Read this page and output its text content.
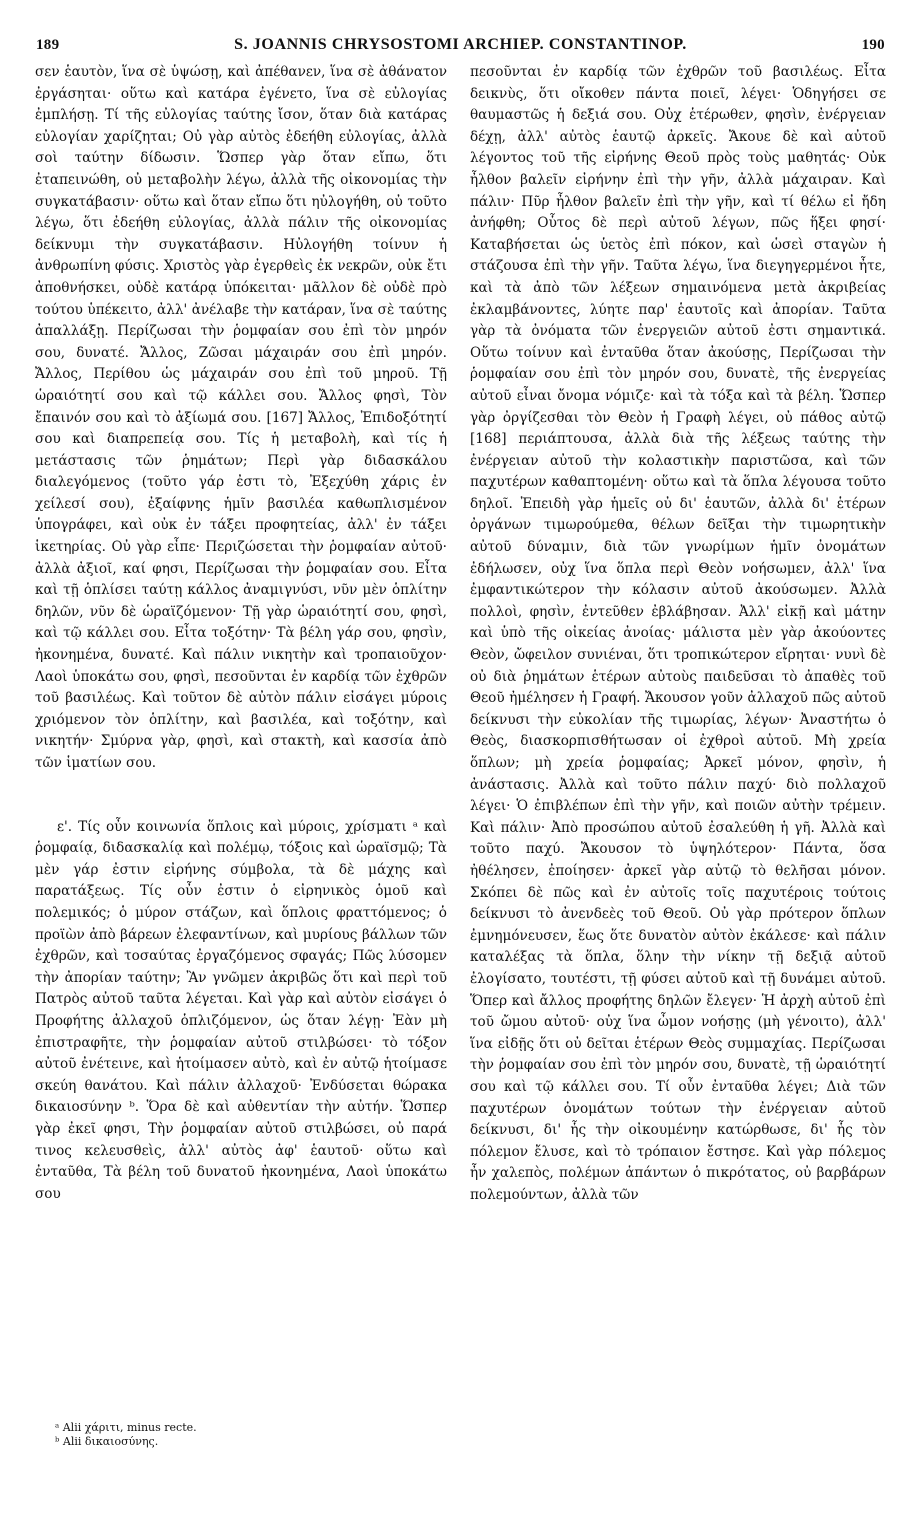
189	S. JOANNIS CHRYSOSTOMI ARCHIEP. CONSTANTINOP.	190

σεν ἑαυτὸν, ἵνα σὲ ὑψώσῃ, καὶ ἀπέθανεν, ἵνα σὲ ἀθάνατον ἐργάσηται· οὕτω καὶ κατάρα ἐγένετο, ἵνα σὲ εὐλογίας ἐμπλήσῃ. Τί τῆς εὐλογίας ταύτης ἴσον, ὅταν διὰ κατάρας εὐλογίαν χαρίζηται; Οὐ γὰρ αὐτὸς ἐδεήθη εὐλογίας, ἀλλὰ σοὶ ταύτην δίδωσιν. Ὥσπερ γὰρ ὅταν εἴπω, ὅτι ἐταπεινώθη, οὐ μεταβολὴν λέγω, ἀλλὰ τῆς οἰκονομίας τὴν συγκατάβασιν· οὕτω καὶ ὅταν εἴπω ὅτι ηὐλογήθη, οὐ τοῦτο λέγω, ὅτι ἐδεήθη εὐλογίας, ἀλλὰ πάλιν τῆς οἰκονομίας δείκνυμι τὴν συγκατάβασιν. Ηὐλογήθη τοίνυν ἡ ἀνθρωπίνη φύσις. Χριστὸς γὰρ ἐγερθεὶς ἐκ νεκρῶν, οὐκ ἔτι ἀποθνήσκει, οὐδὲ κατάρᾳ ὑπόκειται· μᾶλλον δὲ οὐδὲ πρὸ τούτου ὑπέκειτο, ἀλλ' ἀνέλαβε τὴν κατάραν, ἵνα σὲ ταύτης ἀπαλλάξῃ. Περίζωσαι τὴν ῥομφαίαν σου ἐπὶ τὸν μηρόν σου, δυνατέ. Ἄλλος, Ζῶσαι μάχαιράν σου ἐπὶ μηρόν. Ἄλλος, Περίθου ὡς μάχαιράν σου ἐπὶ τοῦ μηροῦ. Τῇ ὡραιότητί σου καὶ τῷ κάλλει σου. Ἄλλος φησὶ, Τὸν ἔπαινόν σου καὶ τὸ ἀξίωμά σου. [167] Ἄλλος, Ἐπιδοξότητί σου καὶ διαπρεπείᾳ σου. Τίς ἡ μεταβολὴ, καὶ τίς ἡ μετάστασις τῶν ῥημάτων; Περὶ γὰρ διδασκάλου διαλεγόμενος (τοῦτο γάρ ἐστι τὸ, Ἐξεχύθη χάρις ἐν χείλεσί σου), ἐξαίφνης ἡμῖν βασιλέα καθωπλισμένον ὑπογράφει, καὶ οὐκ ἐν τάξει προφητείας, ἀλλ' ἐν τάξει ἱκετηρίας. Οὐ γὰρ εἶπε· Περιζώσεται τὴν ῥομφαίαν αὐτοῦ· ἀλλὰ ἀξιοῖ, καί φησι, Περίζωσαι τὴν ῥομφαίαν σου. Εἶτα καὶ τῇ ὁπλίσει ταύτῃ κάλλος ἀναμιγνύσι, νῦν μὲν ὁπλίτην δηλῶν, νῦν δὲ ὡραϊζόμενον· Τῇ γὰρ ὡραιότητί σου, φησὶ, καὶ τῷ κάλλει σου. Εἶτα τοξότην· Τὰ βέλη γάρ σου, φησὶν, ἠκονημένα, δυνατέ. Καὶ πάλιν νικητὴν καὶ τροπαιοῦχον· Λαοὶ ὑποκάτω σου, φησὶ, πεσοῦνται ἐν καρδίᾳ τῶν ἐχθρῶν τοῦ βασιλέως. Καὶ τοῦτον δὲ αὐτὸν πάλιν εἰσάγει μύροις χριόμενον τὸν ὁπλίτην, καὶ βασιλέα, καὶ τοξότην, καὶ νικητήν· Σμύρνα γὰρ, φησὶ, καὶ στακτὴ, καὶ κασσία ἀπὸ τῶν ἱματίων σου.

ε'. Τίς οὖν κοινωνία ὅπλοις καὶ μύροις, χρίσματι ᵃ καὶ ῥομφαίᾳ, διδασκαλίᾳ καὶ πολέμῳ, τόξοις καὶ ὡραϊσμῷ; Τὰ μὲν γάρ ἐστιν εἰρήνης σύμβολα, τὰ δὲ μάχης καὶ παρατάξεως. Τίς οὖν ἐστιν ὁ εἰρηνικὸς ὁμοῦ καὶ πολεμικός; ὁ μύρον στάζων, καὶ ὅπλοις φραττόμενος; ὁ προϊὼν ἀπὸ βάρεων ἐλεφαντίνων, καὶ μυρίους βάλλων τῶν ἐχθρῶν, καὶ τοσαύτας ἐργαζόμενος σφαγάς; Πῶς λύσομεν τὴν ἀπορίαν ταύτην; Ἂν γνῶμεν ἀκριβῶς ὅτι καὶ περὶ τοῦ Πατρὸς αὐτοῦ ταῦτα λέγεται. Καὶ γὰρ καὶ αὐτὸν εἰσάγει ὁ Προφήτης ἀλλαχοῦ ὁπλιζόμενον, ὡς ὅταν λέγῃ· Ἐὰν μὴ ἐπιστραφῆτε, τὴν ῥομφαίαν αὐτοῦ στιλβώσει· τὸ τόξον αὐτοῦ ἐνέτεινε, καὶ ἡτοίμασεν αὐτὸ, καὶ ἐν αὐτῷ ἡτοίμασε σκεύη θανάτου. Καὶ πάλιν ἀλλαχοῦ· Ἐνδύσεται θώρακα δικαιοσύνην ᵇ. Ὅρα δὲ καὶ αὐθεντίαν τὴν αὐτήν. Ὥσπερ γὰρ ἐκεῖ φησι, Τὴν ῥομφαίαν αὐτοῦ στιλβώσει, οὐ παρά τινος κελευσθεὶς, ἀλλ' αὐτὸς ἀφ' ἑαυτοῦ· οὕτω καὶ ἐνταῦθα, Τὰ βέλη τοῦ δυνατοῦ ἠκονημένα, Λαοὶ ὑποκάτω σου

πεσοῦνται ἐν καρδίᾳ τῶν ἐχθρῶν τοῦ βασιλέως. Εἶτα δεικνὺς, ὅτι οἴκοθεν πάντα ποιεῖ, λέγει· Ὁδηγήσει σε θαυμαστῶς ἡ δεξιά σου. Οὐχ ἑτέρωθεν, φησὶν, ἐνέργειαν δέχῃ, ἀλλ' αὐτὸς ἑαυτῷ ἀρκεῖς. Ἄκουε δὲ καὶ αὐτοῦ λέγοντος τοῦ τῆς εἰρήνης Θεοῦ πρὸς τοὺς μαθητάς· Οὐκ ἦλθον βαλεῖν εἰρήνην ἐπὶ τὴν γῆν, ἀλλὰ μάχαιραν. Καὶ πάλιν· Πῦρ ἦλθον βαλεῖν ἐπὶ τὴν γῆν, καὶ τί θέλω εἰ ἤδη ἀνήφθη; Οὗτος δὲ περὶ αὐτοῦ λέγων, πῶς ἥξει φησί· Καταβήσεται ὡς ὑετὸς ἐπὶ πόκον, καὶ ὡσεὶ σταγὼν ἡ στάζουσα ἐπὶ τὴν γῆν. Ταῦτα λέγω, ἵνα διεγηγερμένοι ἦτε, καὶ τὰ ἀπὸ τῶν λέξεων σημαινόμενα μετὰ ἀκριβείας ἐκλαμβάνοντες, λύητε παρ' ἑαυτοῖς καὶ ἀπορίαν. Ταῦτα γὰρ τὰ ὀνόματα τῶν ἐνεργειῶν αὐτοῦ ἐστι σημαντικά. Οὕτω τοίνυν καὶ ἐνταῦθα ὅταν ἀκούσῃς, Περίζωσαι τὴν ῥομφαίαν σου ἐπὶ τὸν μηρόν σου, δυνατὲ, τῆς ἐνεργείας αὐτοῦ εἶναι ὄνομα νόμιζε· καὶ τὰ τόξα καὶ τὰ βέλη. Ὥσπερ γὰρ ὀργίζεσθαι τὸν Θεὸν ἡ Γραφὴ λέγει, οὐ πάθος αὐτῷ [168] περιάπτουσα, ἀλλὰ διὰ τῆς λέξεως ταύτης τὴν ἐνέργειαν αὐτοῦ τὴν κολαστικὴν παριστῶσα, καὶ τῶν παχυτέρων καθαπτομένη· οὕτω καὶ τὰ ὅπλα λέγουσα τοῦτο δηλοῖ. Ἐπειδὴ γὰρ ἡμεῖς οὐ δι' ἑαυτῶν, ἀλλὰ δι' ἑτέρων ὀργάνων τιμωρούμεθα, θέλων δεῖξαι τὴν τιμωρητικὴν αὐτοῦ δύναμιν, διὰ τῶν γνωρίμων ἡμῖν ὀνομάτων ἐδήλωσεν, οὐχ ἵνα ὅπλα περὶ Θεὸν νοήσωμεν, ἀλλ' ἵνα ἐμφαντικώτερον τὴν κόλασιν αὐτοῦ ἀκούσωμεν. Ἀλλὰ πολλοὶ, φησὶν, ἐντεῦθεν ἐβλάβησαν. Ἀλλ' εἰκῇ καὶ μάτην καὶ ὑπὸ τῆς οἰκείας ἀνοίας· μάλιστα μὲν γὰρ ἀκούοντες Θεὸν, ὤφειλον συνιέναι, ὅτι τροπικώτερον εἴρηται· νυνὶ δὲ οὐ διὰ ῥημάτων ἑτέρων αὐτοὺς παιδεῦσαι τὸ ἀπαθὲς τοῦ Θεοῦ ἠμέλησεν ἡ Γραφή. Ἄκουσον γοῦν ἀλλαχοῦ πῶς αὐτοῦ δείκνυσι τὴν εὐκολίαν τῆς τιμωρίας, λέγων· Ἀναστήτω ὁ Θεὸς, διασκορπισθήτωσαν οἱ ἐχθροὶ αὐτοῦ. Μὴ χρεία ὅπλων; μὴ χρεία ῥομφαίας; Ἀρκεῖ μόνον, φησὶν, ἡ ἀνάστασις. Ἀλλὰ καὶ τοῦτο πάλιν παχύ· διὸ πολλαχοῦ λέγει· Ὁ ἐπιβλέπων ἐπὶ τὴν γῆν, καὶ ποιῶν αὐτὴν τρέμειν. Καὶ πάλιν· Ἀπὸ προσώπου αὐτοῦ ἐσαλεύθη ἡ γῆ. Ἀλλὰ καὶ τοῦτο παχύ. Ἄκουσον τὸ ὑψηλότερον· Πάντα, ὅσα ἠθέλησεν, ἐποίησεν· ἀρκεῖ γὰρ αὐτῷ τὸ θελῆσαι μόνον. Σκόπει δὲ πῶς καὶ ἐν αὐτοῖς τοῖς παχυτέροις τούτοις δείκνυσι τὸ ἀνενδεὲς τοῦ Θεοῦ. Οὐ γὰρ πρότερον ὅπλων ἐμνημόνευσεν, ἕως ὅτε δυνατὸν αὐτὸν ἐκάλεσε· καὶ πάλιν καταλέξας τὰ ὅπλα, ὅλην τὴν νίκην τῇ δεξιᾷ αὐτοῦ ἐλογίσατο, τουτέστι, τῇ φύσει αὐτοῦ καὶ τῇ δυνάμει αὐτοῦ. Ὅπερ καὶ ἄλλος προφήτης δηλῶν ἔλεγεν· Ἡ ἀρχὴ αὐτοῦ ἐπὶ τοῦ ὤμου αὐτοῦ· οὐχ ἵνα ὦμον νοήσῃς (μὴ γένοιτο), ἀλλ' ἵνα εἰδῇς ὅτι οὐ δεῖται ἑτέρων Θεὸς συμμαχίας. Περίζωσαι τὴν ῥομφαίαν σου ἐπὶ τὸν μηρόν σου, δυνατὲ, τῇ ὡραιότητί σου καὶ τῷ κάλλει σου. Τί οὖν ἐνταῦθα λέγει; Διὰ τῶν παχυτέρων ὀνομάτων τούτων τὴν ἐνέργειαν αὐτοῦ δείκνυσι, δι' ἧς τὴν οἰκουμένην κατώρθωσε, δι' ἧς τὸν πόλεμον ἔλυσε, καὶ τὸ τρόπαιον ἔστησε. Καὶ γὰρ πόλεμος ἦν χαλεπὸς, πολέμων ἁπάντων ὁ πικρότατος, οὐ βαρβάρων πολεμούντων, ἀλλὰ τῶν

ᵃ Alii χάριτι, minus recte.
ᵇ Alii δικαιοσύνης.
